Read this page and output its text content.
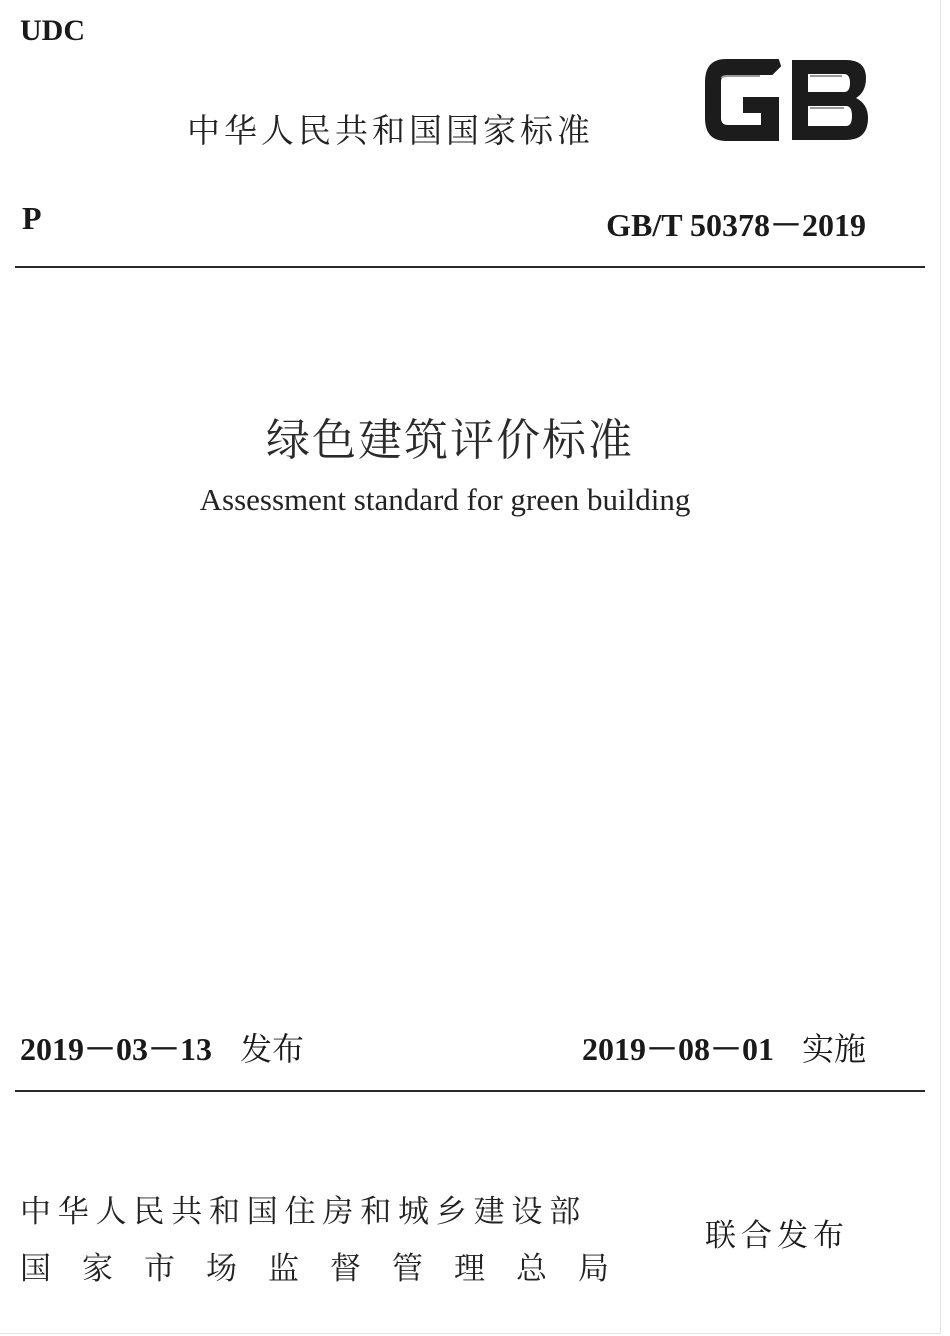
UDC
中华人民共和国国家标准
P	GB/T 50378－2019
绿色建筑评价标准
Assessment standard for green building
2019－03－13 发布	2019－08－01 实施
中华人民共和国住房和城乡建设部
国家市场监督管理总局
联合发布
